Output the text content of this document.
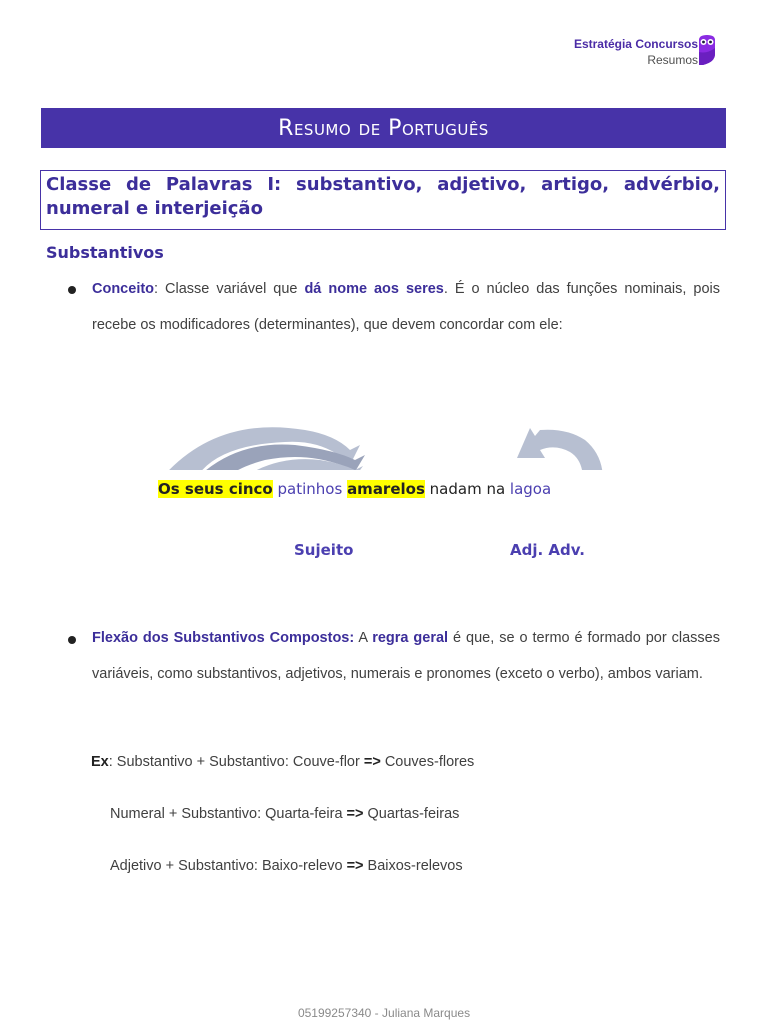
Estratégia Concursos
Resumos
Resumo de Português
Classe de Palavras I: substantivo, adjetivo, artigo, advérbio, numeral e interjeição
Substantivos
Conceito: Classe variável que dá nome aos seres. É o núcleo das funções nominais, pois recebe os modificadores (determinantes), que devem concordar com ele:
Os seus cinco patinhos amarelos nadam na lagoa
Sujeito	Adj. Adv.
Flexão dos Substantivos Compostos: A regra geral é que, se o termo é formado por classes variáveis, como substantivos, adjetivos, numerais e pronomes (exceto o verbo), ambos variam.
Ex: Substantivo + Substantivo: Couve-flor => Couves-flores
Numeral + Substantivo: Quarta-feira => Quartas-feiras
Adjetivo + Substantivo: Baixo-relevo => Baixos-relevos
05199257340 - Juliana Marques
